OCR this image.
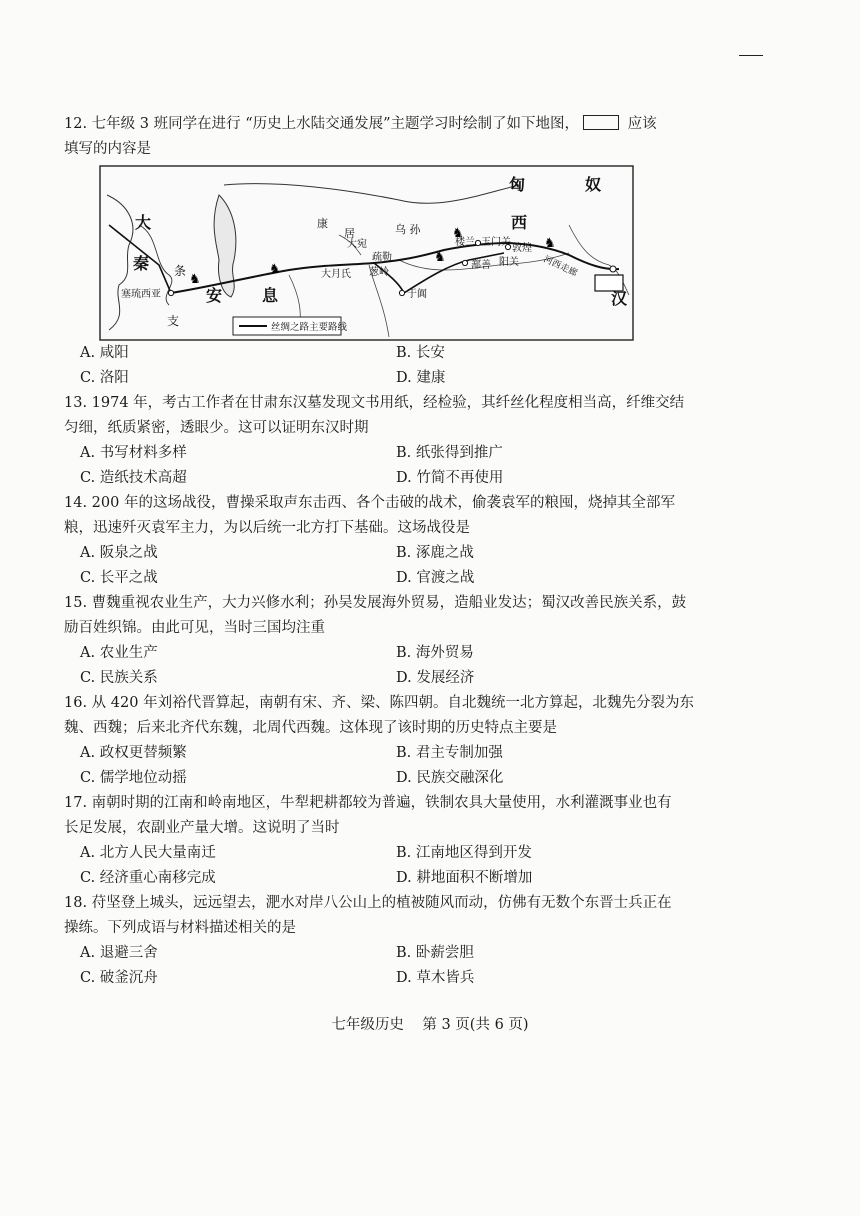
12. 七年级 3 班同学在进行 “历史上水陆交通发展”主题学习时绘制了如下地图，	应该

填写的内容是

♞
♞
♞
♞
♞
匈	奴
西
汉
大
秦
安 息
条
支
康
居	乌 孙
大宛
疏勒
大月氏 葱岭
于阗
楼兰 玉门关
敦煌
鄯善 阳关	河西走廊
塞琉西亚
丝绸之路主要路线
A. 咸阳	B. 长安
C. 洛阳	D. 建康

13. 1974 年，考古工作者在甘肃东汉墓发现文书用纸，经检验，其纤丝化程度相当高，纤维交结

匀细，纸质紧密，透眼少。这可以证明东汉时期

A. 书写材料多样	B. 纸张得到推广
C. 造纸技术高超	D. 竹简不再使用

14. 200 年的这场战役，曹操采取声东击西、各个击破的战术，偷袭袁军的粮囤，烧掉其全部军

粮，迅速歼灭袁军主力，为以后统一北方打下基础。这场战役是

A. 阪泉之战	B. 涿鹿之战
C. 长平之战	D. 官渡之战

15. 曹魏重视农业生产，大力兴修水利；孙吴发展海外贸易，造船业发达；蜀汉改善民族关系，鼓

励百姓织锦。由此可见，当时三国均注重

A. 农业生产	B. 海外贸易
C. 民族关系	D. 发展经济

16. 从 420 年刘裕代晋算起，南朝有宋、齐、梁、陈四朝。自北魏统一北方算起，北魏先分裂为东

魏、西魏；后来北齐代东魏，北周代西魏。这体现了该时期的历史特点主要是

A. 政权更替频繁	B. 君主专制加强
C. 儒学地位动摇	D. 民族交融深化

17. 南朝时期的江南和岭南地区，牛犁耙耕都较为普遍，铁制农具大量使用，水利灌溉事业也有

长足发展，农副业产量大增。这说明了当时

A. 北方人民大量南迁	B. 江南地区得到开发
C. 经济重心南移完成	D. 耕地面积不断增加

18. 苻坚登上城头，远远望去，淝水对岸八公山上的植被随风而动，仿佛有无数个东晋士兵正在

操练。下列成语与材料描述相关的是

A. 退避三舍	B. 卧薪尝胆
C. 破釜沉舟	D. 草木皆兵
七年级历史    第 3 页(共 6 页)
